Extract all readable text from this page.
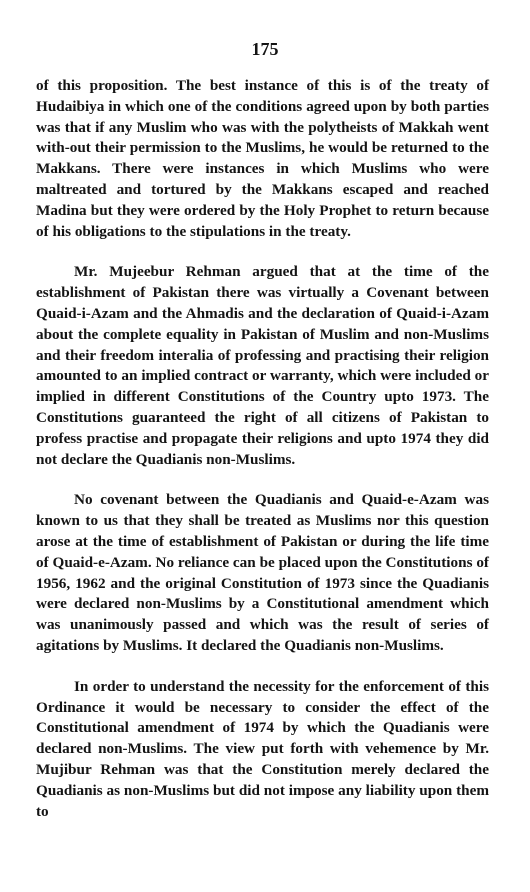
175

of this proposition. The best instance of this is of the treaty of Hudaibiya in which one of the conditions agreed upon by both parties was that if any Muslim who was with the polytheists of Makkah went with-out their permission to the Muslims, he would be returned to the Makkans. There were instances in which Muslims who were maltreated and tortured by the Makkans escaped and reached Madina but they were ordered by the Holy Prophet to return because of his obligations to the stipulations in the treaty.

Mr. Mujeebur Rehman argued that at the time of the establishment of Pakistan there was virtually a Covenant between Quaid-i-Azam and the Ahmadis and the declaration of Quaid-i-Azam about the complete equality in Pakistan of Muslim and non-Muslims and their freedom interalia of professing and practising their religion amounted to an implied contract or warranty, which were included or implied in different Constitutions of the Country upto 1973. The Constitutions guaranteed the right of all citizens of Pakistan to profess practise and propagate their religions and upto 1974 they did not declare the Quadianis non-Muslims.

No covenant between the Quadianis and Quaid-e-Azam was known to us that they shall be treated as Muslims nor this question arose at the time of establishment of Pakistan or during the life time of Quaid-e-Azam. No reliance can be placed upon the Constitutions of 1956, 1962 and the original Constitution of 1973 since the Quadianis were declared non-Muslims by a Constitutional amendment which was unanimously passed and which was the result of series of agitations by Muslims. It declared the Quadianis non-Muslims.

In order to understand the necessity for the enforcement of this Ordinance it would be necessary to consider the effect of the Constitutional amendment of 1974 by which the Quadianis were declared non-Muslims. The view put forth with vehemence by Mr. Mujibur Rehman was that the Constitution merely declared the Quadianis as non-Muslims but did not impose any liability upon them to
